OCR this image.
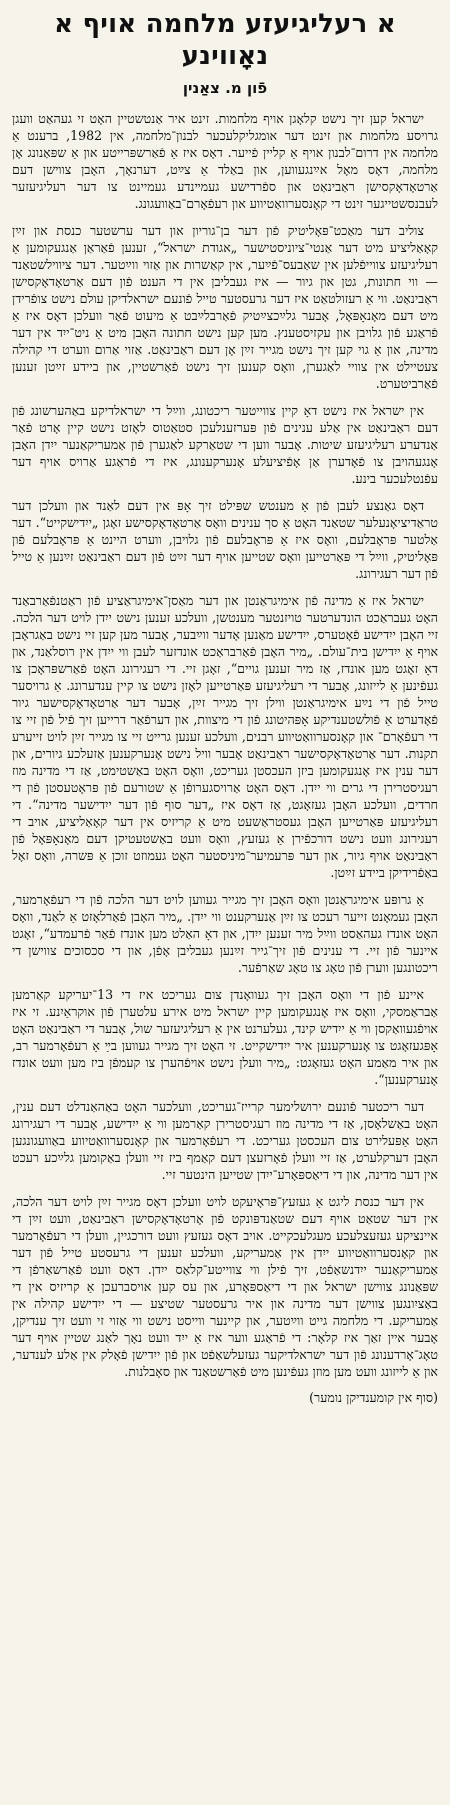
א רעליגיעזע מלחמה אויף א נאָווינע
פֿון מ. צאַנין

ישראל קען זיך נישט קלאָגן אויף מלחמות. זינט איר אַנטשטיין האָט זי געהאַט וועגן גרויסע מלחמות און זינט דער אומגליקלעכער לבנון־מלחמה, אין 1982, ברענט אַ מלחמה אין דרום־לבנון אויף אַ קליין פֿייער. דאָס איז אַ פֿאַרשפּרייטע און אַ שפּאַנונג אָן מלחמה, דאָס מאָל אײַנגעווען, און באַלד אַ צײַט, דערנאָך, האָבן צווישן דעם אַרטאָדאָקסישן ראַבינאַט און ספֿרדישע געמײנדע געמיינט צו דער רעליגיעזער לעבנסשטייגער זינט די קאָנסערוואַטיווע און רעפֿאָרם־באַוועגונג.

צוליב דער מאַכט־פּאָליטיק פֿון דער בן־גוריון און דער ערשטער כנסת און זײַן קאָאַליציע מיט דער אַנטי־ציוניסטישער „אגודת ישראל“, זענען פֿאַראַן אַנגעקומען אַ רעליגיעזע צווייפֿלען אין שאַבעס־פֿײַער, אין קאַשרות און אַזוי ווײַטער. דער ציווילשטאַנד — ווי חתונות, גטן און גיור — איז געבליבן אין די הענט פֿון דעם אַרטאָדאָקסישן ראַבינאַט. ווי אַ רעזולטאַט איז דער גרעסטער טייל פֿונעם ישראלדיקן עולם נישט צופֿרידן מיט דעם מאָנאָפּאָל, אָבער גלײַכצײַטיק פֿאַרבלײַבט אַ מיעוט פֿאַר וועלכן דאָס איז אַ פֿראַגע פֿון גלויבן און עקזיסטענץ. מען קען נישט חתונה האָבן מיט אַ ניט־ייִד אין דער מדינה, און אַ גוי קען זיך נישט מגייר זײַן אָן דעם ראַבינאַט. אַזוי אַרום ווערט די קהילה צעטיילט אין צוויי לאַגערן, וואָס קענען זיך נישט פֿאַרשטיין, און ביידע זײַטן זענען פֿאַרביטערט.

אין ישראל איז נישט דאָ קיין צווייטער ריכטונג, ווײַל די ישראלדיקע באַהערשונג פֿון דעם ראַבינאַט אין אַלע ענינים פֿון פּערזענלעכן סטאַטוס לאָזט נישט קיין אָרט פֿאַר אַנדערע רעליגיעזע שיטות. אָבער ווען די שטאַרקע לאַגערן פֿון אַמעריקאַנער ייִדן האָבן אָנגעהויבן צו פֿאָדערן אַן אָפֿיציעלע אָנערקענונג, איז די פֿראַגע אַרויס אויף דער עפֿנטלעכער בינע.

דאָס גאַנצע לעבן פֿון אַ מענטש שפּילט זיך אָפּ אין דעם לאַנד און וועלכן דער טראַדיציאָנעלער שטאַנד האָט אַ סך ענינים וואָס אַרטאָדאָקסישע זאָגן „ייִדישקייט“. דער אַלטער פּראָבלעם, וואָס איז אַ פּראָבלעם פֿון גלויבן, ווערט היינט אַ פּראָבלעם פֿון פּאָליטיק, ווײַל די פּאַרטייען וואָס שטייען אויף דער זײַט פֿון דעם ראַבינאַט זײַנען אַ טייל פֿון דער רעגירונג.

ישראל איז אַ מדינה פֿון אימיגראַנטן און דער מאַסן־אימיגראַציע פֿון ראַטנפֿאַרבאַנד האָט געבראַכט הונדערטער טויזנטער מענטשן, וועלכע זענען נישט ייִדן לויט דער הלכה. זיי האָבן ייִדישע פֿאָטערס, ייִדישע מאַנען אָדער ווײַבער, אָבער מען קען זיי נישט באַגראָבן אויף אַ ייִדישן בית־עולם. „מיר האָבן פֿאַרבראַכט אונדזער לעבן ווי ייִדן אין רוסלאַנד, און דאָ זאָגט מען אונדז, אַז מיר זענען גויים“, זאָגן זיי. די רעגירונג האָט פֿאַרשפּראָכן צו געפֿינען אַ לייזונג, אָבער די רעליגיעזע פּאַרטייען לאָזן נישט צו קיין ענדערונג. אַ גרויסער טייל פֿון די נײַע אימיגראַנטן ווילן זיך מגייר זײַן, אָבער דער אַרטאָדאָקסישער גיור פֿאָדערט אַ פֿולשטענדיקע אָפּהיטונג פֿון די מיצוות, און דערפֿאַר דרייען זיך פֿיל פֿון זיי צו די רעפֿאָרם־ און קאָנסערוואַטיווע רבנים, וועלכע זענען גרייט זיי צו מגייר זײַן לויט זייערע תקנות. דער אַרטאָדאָקסישער ראַבינאַט אָבער וויל נישט אָנערקענען אַזעלכע גיורים, און דער ענין איז אָנגעקומען ביזן העכסטן געריכט, וואָס האָט באַשטימט, אַז די מדינה מוז רעגיסטרירן די גרים ווי ייִדן. דאָס האָט אַרויסגערופֿן אַ שטורעם פֿון פּראָטעסטן פֿון די חרדים, וועלכע האָבן געזאָגט, אַז דאָס איז „דער סוף פֿון דער ייִדישער מדינה“. די רעליגיעזע פּאַרטייען האָבן געסטראַשעט מיט אַ קריזיס אין דער קאָאַליציע, אויב די רעגירונג וועט נישט דורכפֿירן אַ געזעץ, וואָס וועט באַשטעטיקן דעם מאָנאָפּאָל פֿון ראַבינאַט אויף גיור, און דער פּרעמיער־מיניסטער האָט געמוזט זוכן אַ פּשרה, וואָס זאָל באַפֿרידיקן ביידע זײַטן.

אַ גרופּע אימיגראַנטן וואָס האָבן זיך מגייר געווען לויט דער הלכה פֿון די רעפֿאָרמער, האָבן געמאָנט זייער רעכט צו זײַן אַנערקענט ווי ייִדן. „מיר האָבן פֿאַרלאָזט אַ לאַנד, וואָס האָט אונדז געהאַסט ווײַל מיר זענען ייִדן, און דאָ האַלט מען אונדז פֿאַר פֿרעמדע“, זאָגט איינער פֿון זיי. די ענינים פֿון זיך־גייר זײַנען געבליבן אָפֿן, און די סכסוכים צווישן די ריכטונגען ווערן פֿון טאָג צו טאָג שאַרפֿער.

איינע פֿון די וואָס האָבן זיך געוואָנדן צום געריכט איז די 13־יעריקע קאַרמען אַבראַמסקי, וואָס איז אָנגעקומען קיין ישראל מיט אירע עלטערן פֿון אוקראַיִנע. זי איז אויפֿגעוואַקסן ווי אַ ייִדיש קינד, געלערנט אין אַ רעליגיעזער שול, אָבער די ראַבינאַט האָט אָפּגעזאָגט צו אָנערקענען איר ייִדישקייט. זי האָט זיך מגייר געווען בײַ אַ רעפֿאָרמער רב, און איר מאַמע האָט געזאָגט: „מיר וועלן נישט אויפֿהערן צו קעמפֿן ביז מען וועט אונדז אָנערקענען“.

דער ריכטער פֿונעם ירושלימער קרייז־געריכט, וועלכער האָט באַהאַנדלט דעם ענין, האָט באַשלאָסן, אַז די מדינה מוז רעגיסטרירן קאַרמען ווי אַ ייִדישע, אָבער די רעגירונג האָט אַפּעלירט צום העכסטן געריכט. די רעפֿאָרמער און קאָנסערוואַטיווע באַוועגונגען האָבן דערקלערט, אַז זיי וועלן פֿאָרזעצן דעם קאַמף ביז זיי וועלן באַקומען גלײַכע רעכט אין דער מדינה, און די דיאַספּאָרע־ייִדן שטייען הינטער זיי.

אין דער כנסת ליגט אַ געזעץ־פּראָיעקט לויט וועלכן דאָס מגייר זײַן לויט דער הלכה, אין דער שטאַט אויף דעם שטאַנדפּונקט פֿון אָרטאָדאָקסישן ראַבינאַט, וועט זײַן די איינציקע געזעצלעכע מעגלעכקייט. אויב דאָס געזעץ וועט דורכגיין, וועלן די רעפֿאָרמער און קאָנסערוואַטיווע ייִדן אין אַמעריקע, וועלכע זענען די גרעסטע טייל פֿון דער אַמעריקאַנער ייִדנשאַפֿט, זיך פֿילן ווי צווייטע־קלאַס ייִדן. דאָס וועט פֿאַרשאַרפֿן די שפּאַנונג צווישן ישראל און די דיאַספּאָרע, און עס קען אויסברעכן אַ קריזיס אין די באַציִונגען צווישן דער מדינה און איר גרעסטער שטיצע — די ייִדישע קהילה אין אַמעריקע. די מלחמה גייט ווײַטער, און קיינער ווייסט נישט ווי אַזוי זי וועט זיך ענדיקן, אָבער איין זאַך איז קלאָר: די פֿראַגע ווער איז אַ ייִד וועט נאָך לאַנג שטיין אויף דער טאָג־אָרדענונג פֿון דער ישראלדיקער געזעלשאַפֿט און פֿון ייִדישן פֿאָלק אין אַלע לענדער, און אַ לייזונג וועט מען מוזן געפֿינען מיט פֿאַרשטאַנד און סאָבלנות.

(סוף אין קומענדיקן נומער)
